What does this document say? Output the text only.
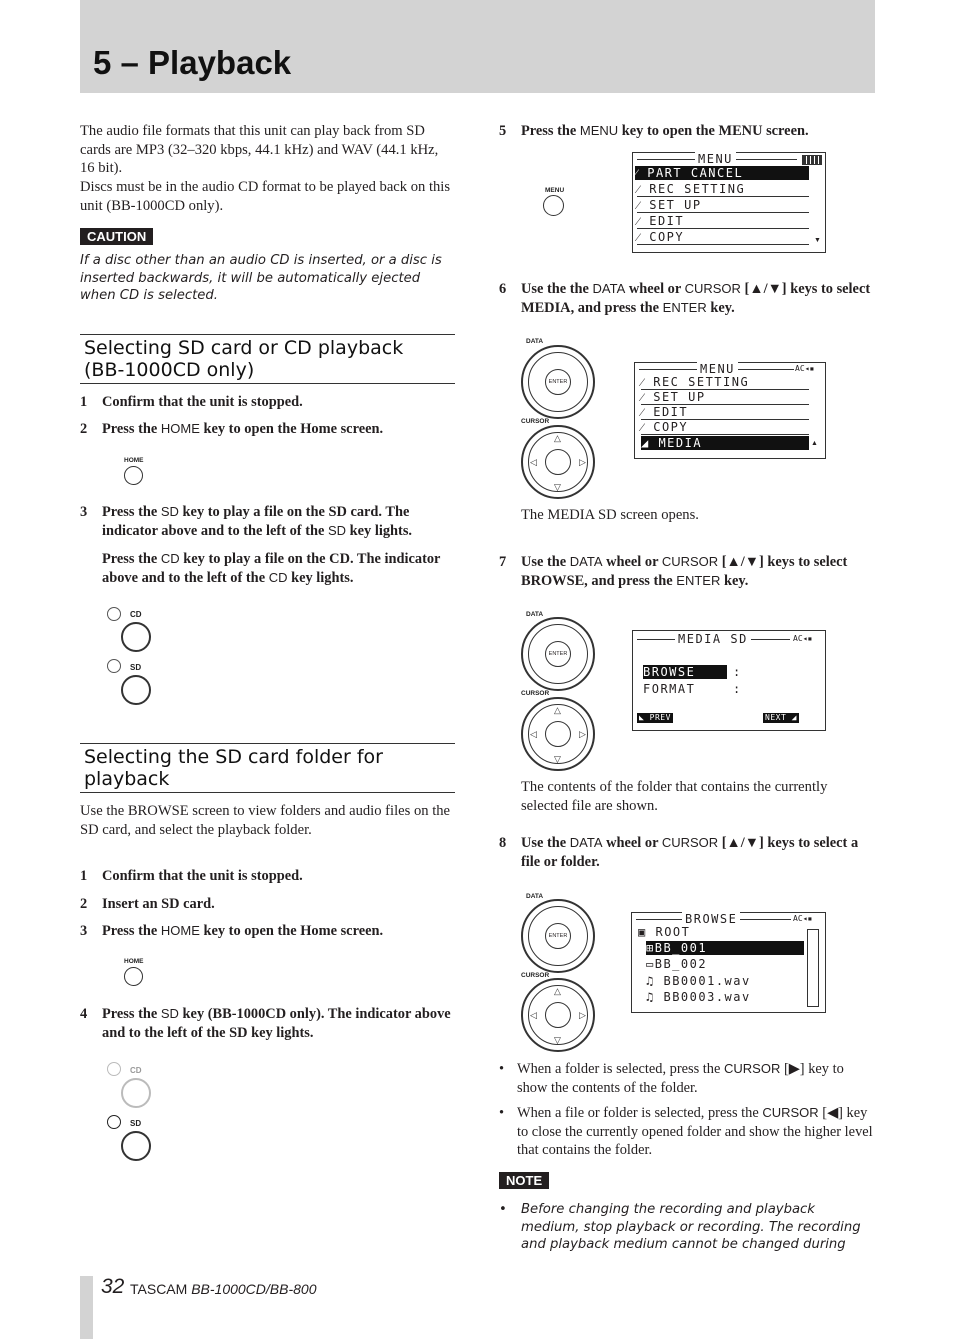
5 – Playback
The audio file formats that this unit can play back from SD cards are MP3 (32–320 kbps, 44.1 kHz) and WAV (44.1 kHz, 16 bit).
Discs must be in the audio CD format to be played back on this unit (BB-1000CD only).
CAUTION
If a disc other than an audio CD is inserted, or a disc is inserted backwards, it will be automatically ejected when CD is selected.
Selecting SD card or CD playback
(BB-1000CD only)
1 Confirm that the unit is stopped.
2 Press the HOME key to open the Home screen.
HOME
3 Press the SD key to play a file on the SD card. The indicator above and to the left of the SD key lights.
Press the CD key to play a file on the CD. The indicator above and to the left of the CD key lights.
CD
SD
Selecting the SD card folder for
playback
Use the BROWSE screen to view folders and audio files on the SD card, and select the playback folder.
1 Confirm that the unit is stopped.
2 Insert an SD card.
3 Press the HOME key to open the Home screen.
HOME
4 Press the SD key (BB-1000CD only). The indicator above and to the left of the SD key lights.
CD
SD
5 Press the MENU key to open the MENU screen.
MENU
MENU
⁄ PART CANCEL
⁄ REC SETTING
⁄ SET UP
⁄ EDIT
⁄ COPY	▼
6 Use the the DATA wheel or CURSOR [▲/▼] keys to select MEDIA, and press the ENTER key.
DATA
ENTER
CURSOR
△
▽
◁	▷
MENU	AC◂▪
⁄ REC SETTING
⁄ SET UP
⁄ EDIT
⁄ COPY
◢ MEDIA	▲
The MEDIA SD screen opens.
7 Use the DATA wheel or CURSOR [▲/▼] keys to select BROWSE, and press the ENTER key.
DATA
ENTER
CURSOR
△
▽
◁	▷
MEDIA SD	AC◂▪
BROWSE	:
FORMAT	:
◣ PREV	NEXT ◢
The contents of the folder that contains the currently selected file are shown.
8 Use the DATA wheel or CURSOR [▲/▼] keys to select a file or folder.
DATA
ENTER
CURSOR
△
▽
◁	▷
BROWSE	AC◂▪
▣ ROOT
⊞BB_001
▭BB_002
♫ BB0001.wav
♫ BB0003.wav
• When a folder is selected, press the CURSOR [▶] key to show the contents of the folder.
• When a file or folder is selected, press the CURSOR [◀] key to close the currently opened folder and show the higher level that contains the folder.
NOTE
• Before changing the recording and playback medium, stop playback or recording. The recording and playback medium cannot be changed during
32 TASCAM BB-1000CD/BB-800
